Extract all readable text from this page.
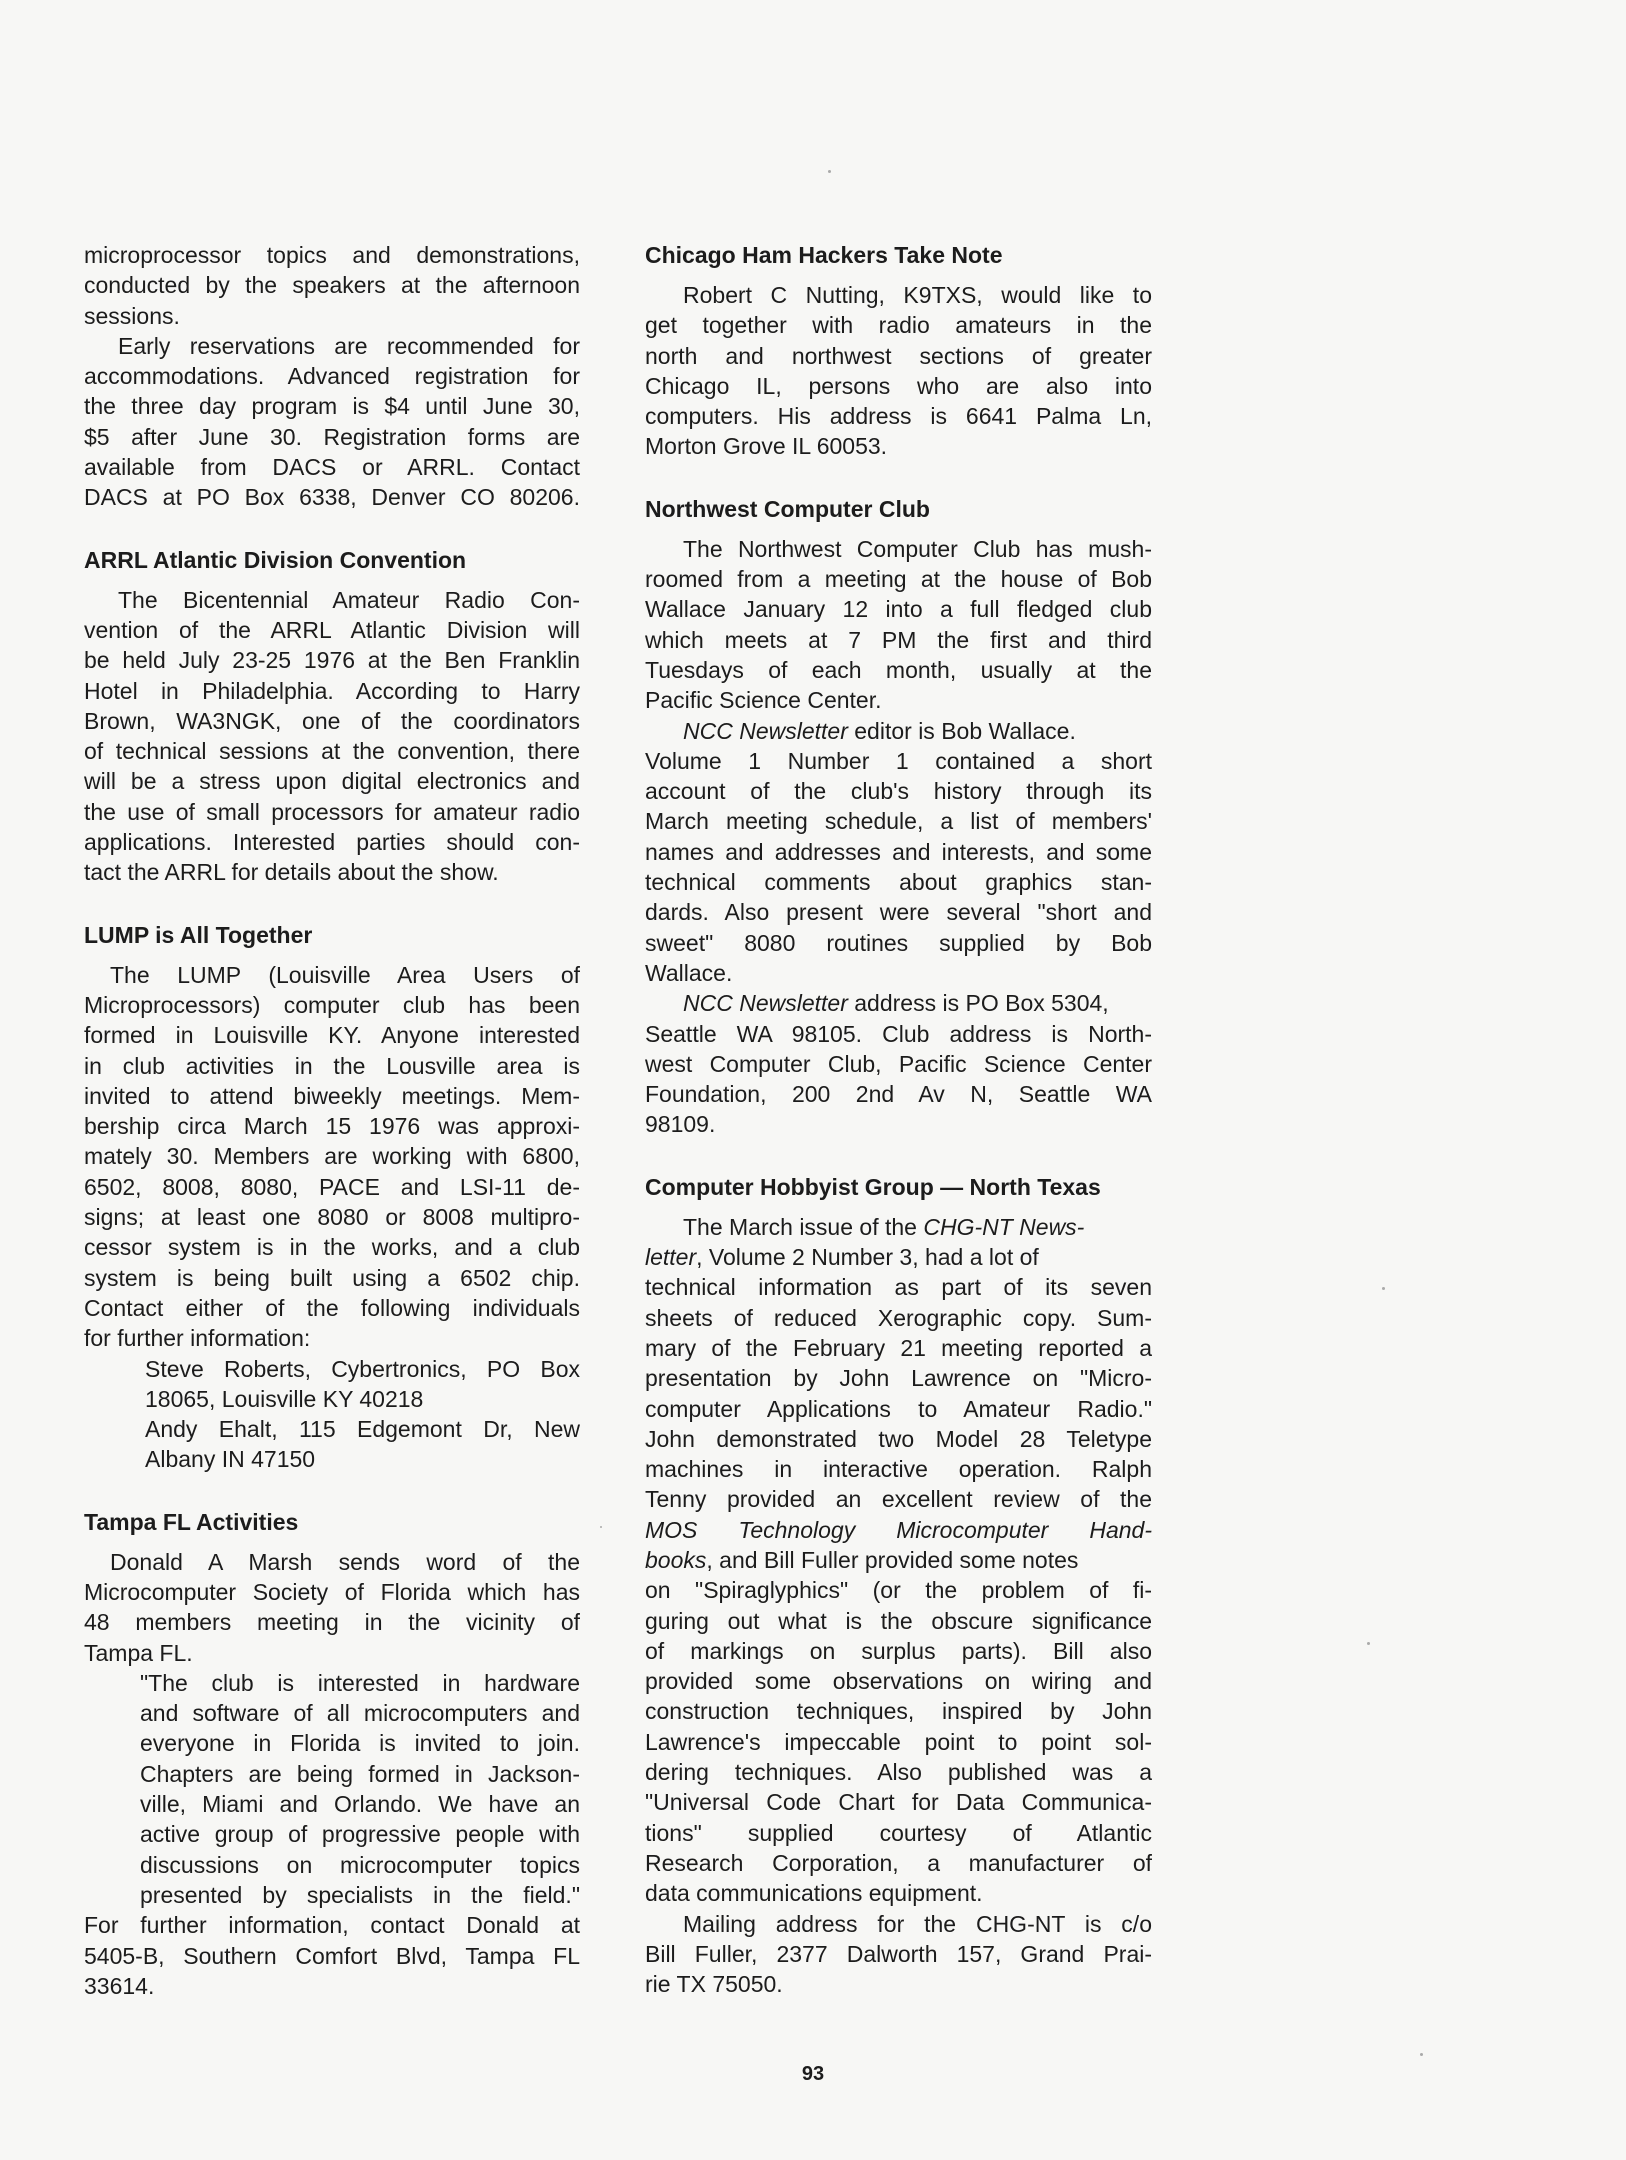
microprocessor topics and demonstrations,
conducted by the speakers at the afternoon
sessions.
Early reservations are recommended for
accommodations. Advanced registration for
the three day program is $4 until June 30,
$5 after June 30. Registration forms are
available from DACS or ARRL. Contact
DACS at PO Box 6338, Denver CO 80206.
ARRL Atlantic Division Convention
The Bicentennial Amateur Radio Con-
vention of the ARRL Atlantic Division will
be held July 23-25 1976 at the Ben Franklin
Hotel in Philadelphia. According to Harry
Brown, WA3NGK, one of the coordinators
of technical sessions at the convention, there
will be a stress upon digital electronics and
the use of small processors for amateur radio
applications. Interested parties should con-
tact the ARRL for details about the show.
LUMP is All Together
The LUMP (Louisville Area Users of
Microprocessors) computer club has been
formed in Louisville KY. Anyone interested
in club activities in the Lousville area is
invited to attend biweekly meetings. Mem-
bership circa March 15 1976 was approxi-
mately 30. Members are working with 6800,
6502, 8008, 8080, PACE and LSI-11 de-
signs; at least one 8080 or 8008 multipro-
cessor system is in the works, and a club
system is being built using a 6502 chip.
Contact either of the following individuals
for further information:
Steve Roberts, Cybertronics, PO Box
18065, Louisville KY 40218
Andy Ehalt, 115 Edgemont Dr, New
Albany IN 47150
Tampa FL Activities
Donald A Marsh sends word of the
Microcomputer Society of Florida which has
48 members meeting in the vicinity of
Tampa FL.
"The club is interested in hardware
and software of all microcomputers and
everyone in Florida is invited to join.
Chapters are being formed in Jackson-
ville, Miami and Orlando. We have an
active group of progressive people with
discussions on microcomputer topics
presented by specialists in the field."
For further information, contact Donald at
5405-B, Southern Comfort Blvd, Tampa FL
33614.
Chicago Ham Hackers Take Note
Robert C Nutting, K9TXS, would like to
get together with radio amateurs in the
north and northwest sections of greater
Chicago IL, persons who are also into
computers. His address is 6641 Palma Ln,
Morton Grove IL 60053.
Northwest Computer Club
The Northwest Computer Club has mush-
roomed from a meeting at the house of Bob
Wallace January 12 into a full fledged club
which meets at 7 PM the first and third
Tuesdays of each month, usually at the
Pacific Science Center.
NCC Newsletter editor is Bob Wallace.
Volume 1 Number 1 contained a short
account of the club's history through its
March meeting schedule, a list of members'
names and addresses and interests, and some
technical comments about graphics stan-
dards. Also present were several "short and
sweet" 8080 routines supplied by Bob
Wallace.
NCC Newsletter address is PO Box 5304,
Seattle WA 98105. Club address is North-
west Computer Club, Pacific Science Center
Foundation, 200 2nd Av N, Seattle WA
98109.
Computer Hobbyist Group — North Texas
The March issue of the CHG-NT News-
letter, Volume 2 Number 3, had a lot of
technical information as part of its seven
sheets of reduced Xerographic copy. Sum-
mary of the February 21 meeting reported a
presentation by John Lawrence on "Micro-
computer Applications to Amateur Radio."
John demonstrated two Model 28 Teletype
machines in interactive operation. Ralph
Tenny provided an excellent review of the
MOS Technology Microcomputer Hand-
books, and Bill Fuller provided some notes
on "Spiraglyphics" (or the problem of fi-
guring out what is the obscure significance
of markings on surplus parts). Bill also
provided some observations on wiring and
construction techniques, inspired by John
Lawrence's impeccable point to point sol-
dering techniques. Also published was a
"Universal Code Chart for Data Communica-
tions" supplied courtesy of Atlantic
Research Corporation, a manufacturer of
data communications equipment.
Mailing address for the CHG-NT is c/o
Bill Fuller, 2377 Dalworth 157, Grand Prai-
rie TX 75050.
93
